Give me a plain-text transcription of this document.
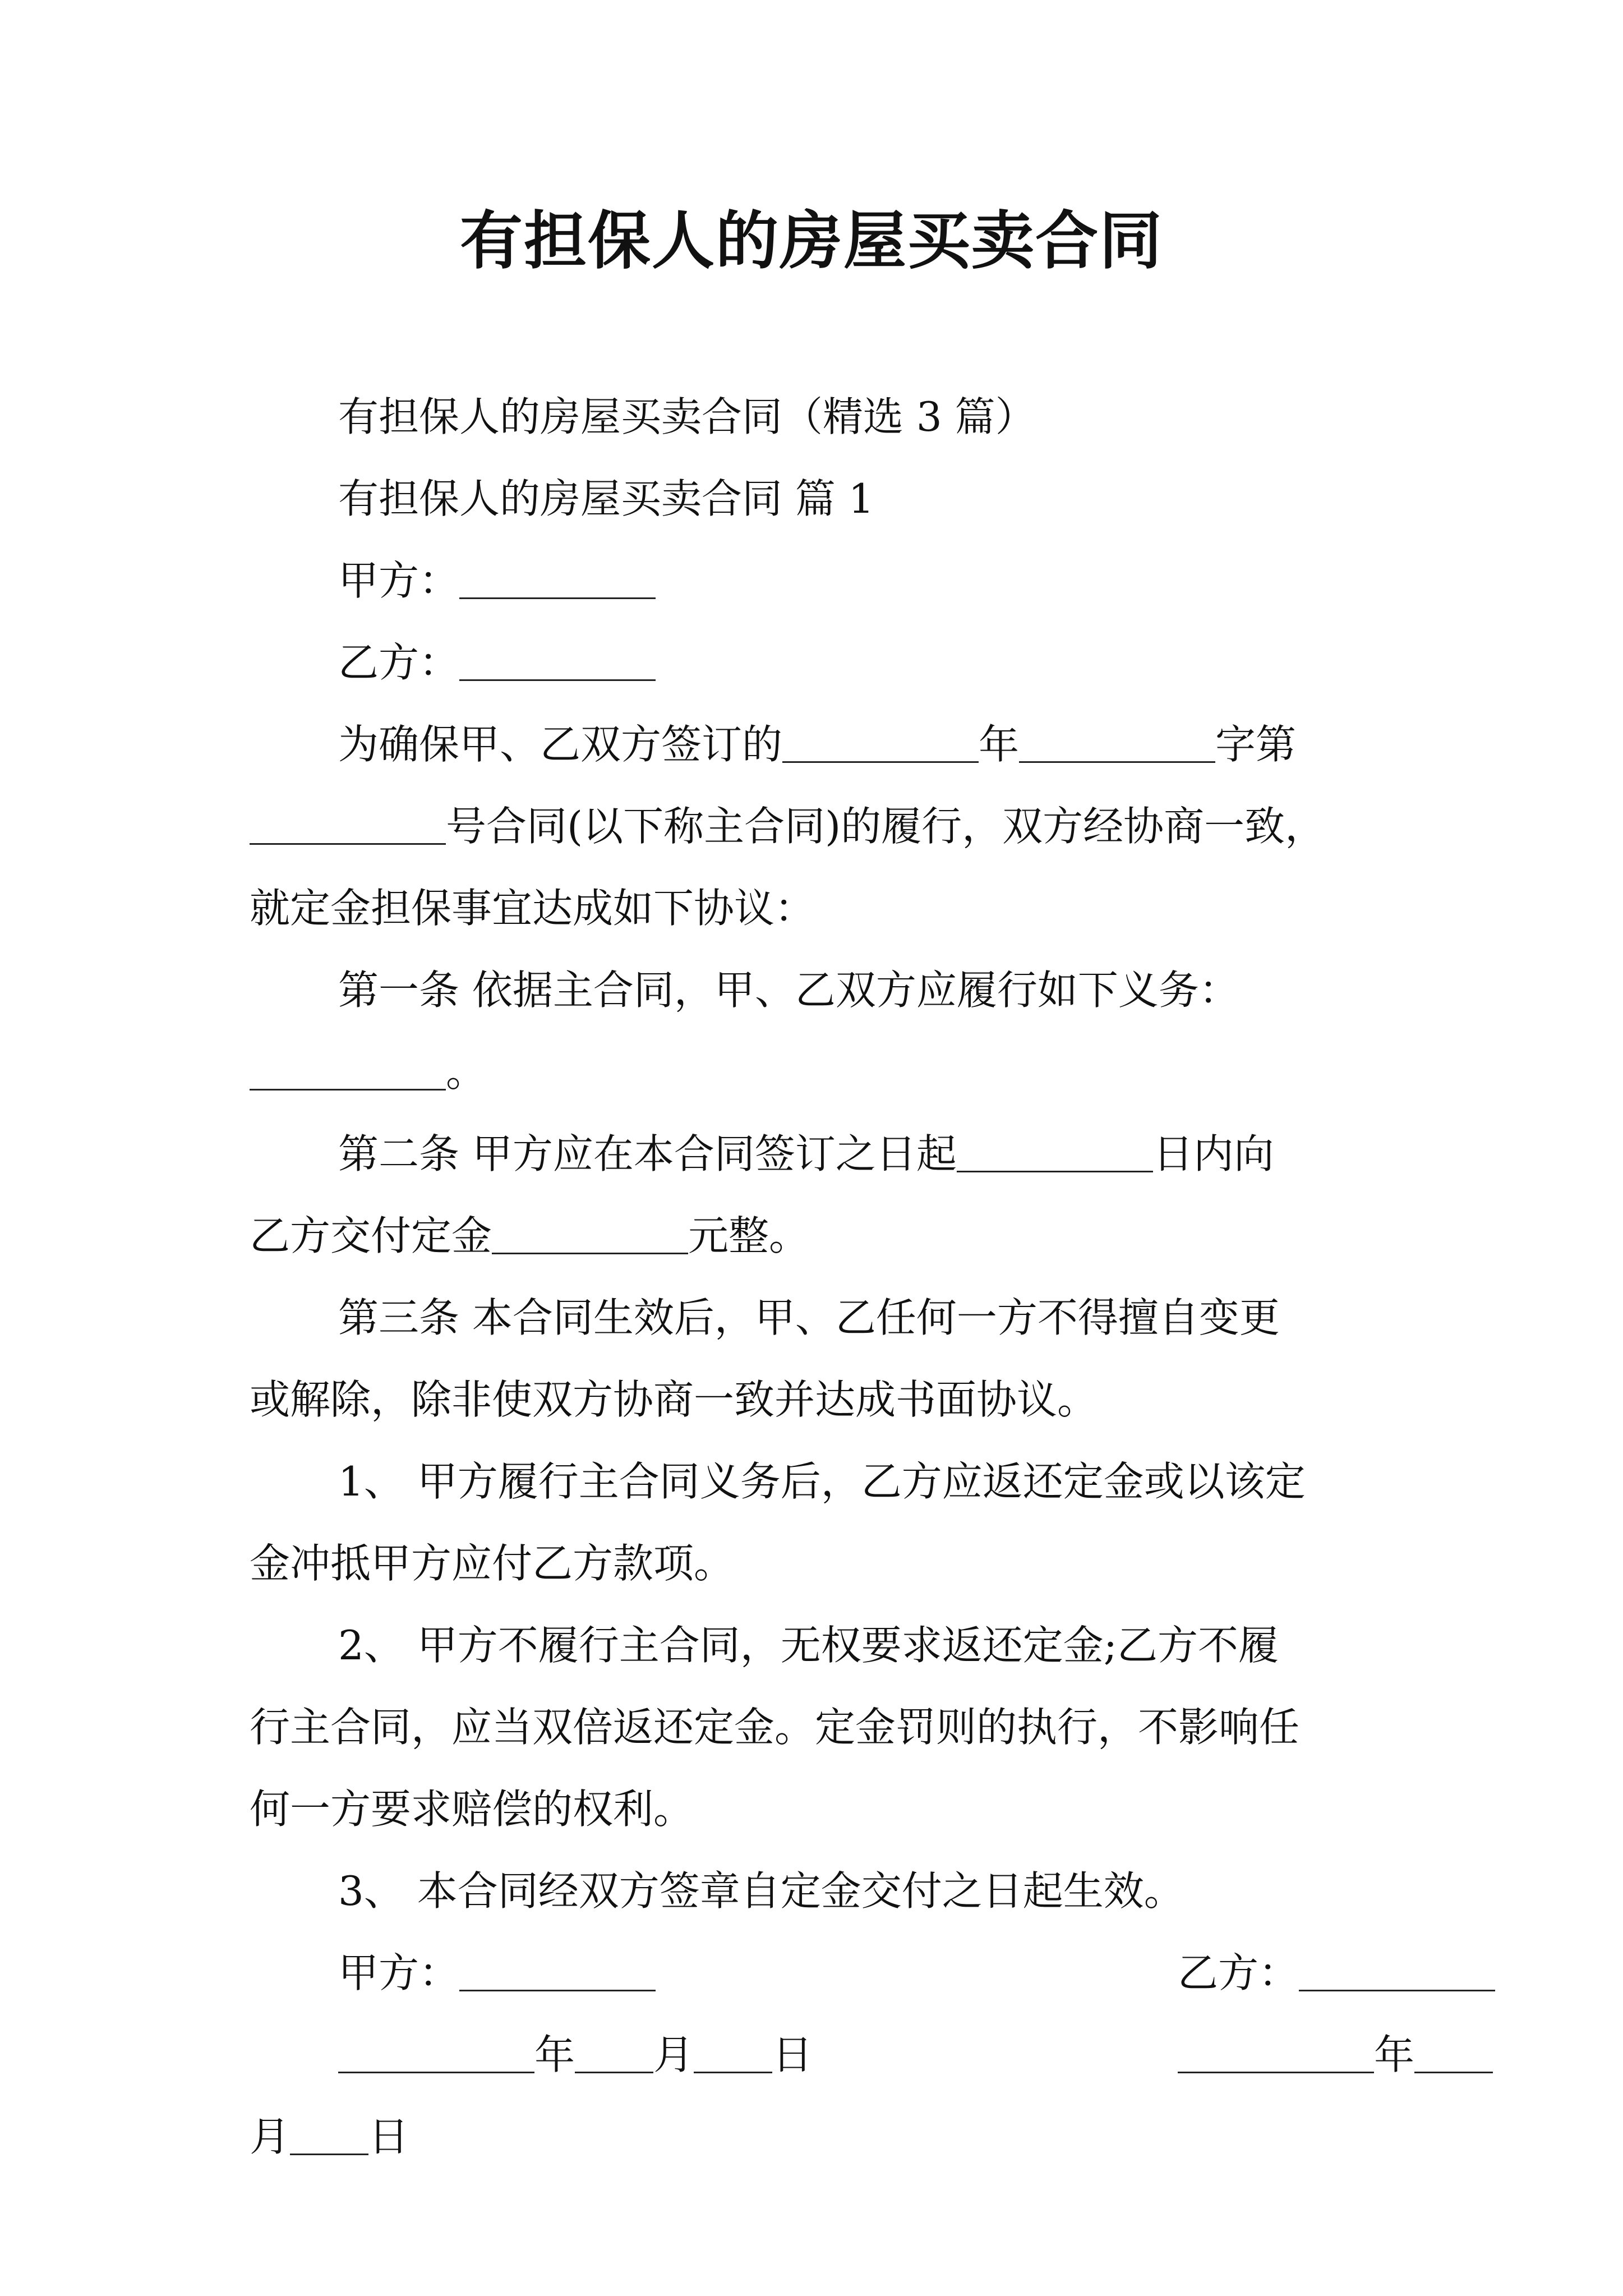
有担保人的房屋买卖合同
有担保人的房屋买卖合同（精选 3 篇）
有担保人的房屋买卖合同 篇 1
甲方：
乙方：
为确保甲、乙双方签订的	年	字第
号合同(以下称主合同)的履行，双方经协商一致，
就定金担保事宜达成如下协议：
第一条 依据主合同，甲、乙双方应履行如下义务：
。
第二条 甲方应在本合同签订之日起	日内向
乙方交付定金	元整。
第三条 本合同生效后，甲、乙任何一方不得擅自变更
或解除，除非使双方协商一致并达成书面协议。
1、 甲方履行主合同义务后，乙方应返还定金或以该定
金冲抵甲方应付乙方款项。
2、 甲方不履行主合同，无权要求返还定金;乙方不履
行主合同，应当双倍返还定金。定金罚则的执行，不影响任
何一方要求赔偿的权利。
3、 本合同经双方签章自定金交付之日起生效。
甲方：	乙方：
年 月 日	年
月 日
